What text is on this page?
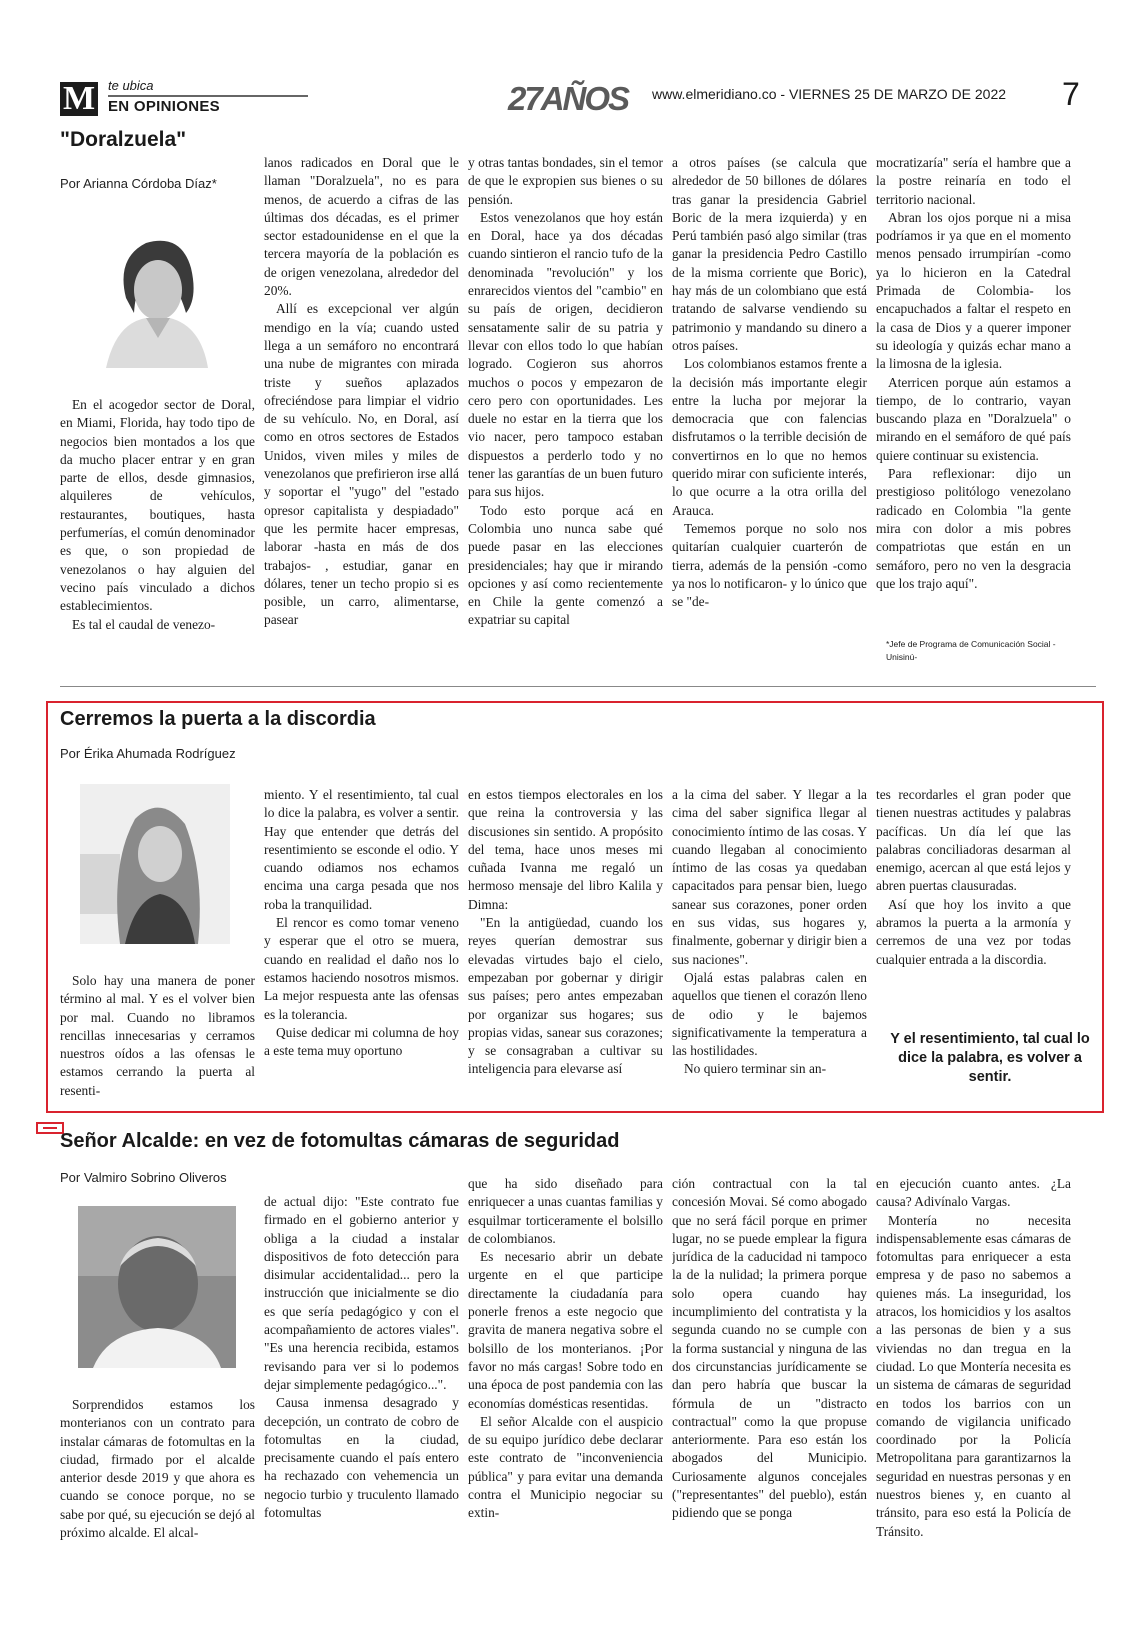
M te ubica
EN OPINIONES	27AÑOS www.elmeridiano.co - VIERNES 25 DE MARZO DE 2022 7
"Doralzuela"
Por Arianna Córdoba Díaz*

En el acogedor sector de Doral, en Miami, Florida, hay todo tipo de negocios bien montados a los que da mucho placer entrar y en gran parte de ellos, desde gimnasios, alquileres de vehículos, restaurantes, boutiques, hasta perfumerías, el común denominador es que, o son propiedad de venezolanos o hay alguien del vecino país vinculado a dichos establecimientos.

Es tal el caudal de venezo-

lanos radicados en Doral que le llaman "Doralzuela", no es para menos, de acuerdo a cifras de las últimas dos décadas, es el primer sector estadounidense en el que la tercera mayoría de la población es de origen venezolana, alrededor del 20%.

Allí es excepcional ver algún mendigo en la vía; cuando usted llega a un semáforo no encontrará una nube de migrantes con mirada triste y sueños aplazados ofreciéndose para limpiar el vidrio de su vehículo. No, en Doral, así como en otros sectores de Estados Unidos, viven miles y miles de venezolanos que prefirieron irse allá y soportar el "yugo" del "estado opresor capitalista y despiadado" que les permite hacer empresas, laborar -hasta en más de dos trabajos- , estudiar, ganar en dólares, tener un techo propio si es posible, un carro, alimentarse, pasear

y otras tantas bondades, sin el temor de que le expropien sus bienes o su pensión.

Estos venezolanos que hoy están en Doral, hace ya dos décadas cuando sintieron el rancio tufo de la denominada "revolución" y los enrarecidos vientos del "cambio" en su país de origen, decidieron sensatamente salir de su patria y llevar con ellos todo lo que habían logrado. Cogieron sus ahorros muchos o pocos y empezaron de cero pero con oportunidades. Les duele no estar en la tierra que los vio nacer, pero tampoco estaban dispuestos a perderlo todo y no tener las garantías de un buen futuro para sus hijos.

Todo esto porque acá en Colombia uno nunca sabe qué puede pasar en las elecciones presidenciales; hay que ir mirando opciones y así como recientemente en Chile la gente comenzó a expatriar su capital

a otros países (se calcula que alrededor de 50 billones de dólares tras ganar la presidencia Gabriel Boric de la mera izquierda) y en Perú también pasó algo similar (tras ganar la presidencia Pedro Castillo de la misma corriente que Boric), hay más de un colombiano que está tratando de salvarse vendiendo su patrimonio y mandando su dinero a otros países.

Los colombianos estamos frente a la decisión más importante elegir entre la lucha por mejorar la democracia que con falencias disfrutamos o la terrible decisión de convertirnos en lo que no hemos querido mirar con suficiente interés, lo que ocurre a la otra orilla del Arauca.

Tememos porque no solo nos quitarían cualquier cuarterón de tierra, además de la pensión -como ya nos lo notificaron- y lo único que se "de-

mocratizaría" sería el hambre que a la postre reinaría en todo el territorio nacional.

Abran los ojos porque ni a misa podríamos ir ya que en el momento menos pensado irrumpirían -como ya lo hicieron en la Catedral Primada de Colombia- los encapuchados a faltar el respeto en la casa de Dios y a querer imponer su ideología y quizás echar mano a la limosna de la iglesia.

Aterricen porque aún estamos a tiempo, de lo contrario, vayan buscando plaza en "Doralzuela" o mirando en el semáforo de qué país quiere continuar su existencia.

Para reflexionar: dijo un prestigioso politólogo venezolano radicado en Colombia "la gente mira con dolor a mis pobres compatriotas que están en un semáforo, pero no ven la desgracia que los trajo aquí".

*Jefe de Programa de Comunicación Social -Unisinú-
Cerremos la puerta a la discordia
Por Érika Ahumada Rodríguez

Solo hay una manera de poner término al mal. Y es el volver bien por mal. Cuando no libramos rencillas innecesarias y cerramos nuestros oídos a las ofensas le estamos cerrando la puerta al resenti-

miento. Y el resentimiento, tal cual lo dice la palabra, es volver a sentir. Hay que entender que detrás del resentimiento se esconde el odio. Y cuando odiamos nos echamos encima una carga pesada que nos roba la tranquilidad.

El rencor es como tomar veneno y esperar que el otro se muera, cuando en realidad el daño nos lo estamos haciendo nosotros mismos. La mejor respuesta ante las ofensas es la tolerancia.

Quise dedicar mi columna de hoy a este tema muy oportuno

en estos tiempos electorales en los que reina la controversia y las discusiones sin sentido. A propósito del tema, hace unos meses mi cuñada Ivanna me regaló un hermoso mensaje del libro Kalila y Dimna:

"En la antigüedad, cuando los reyes querían demostrar sus elevadas virtudes bajo el cielo, empezaban por gobernar y dirigir sus países; pero antes empezaban por organizar sus hogares; sus propias vidas, sanear sus corazones; y se consagraban a cultivar su inteligencia para elevarse así

a la cima del saber. Y llegar a la cima del saber significa llegar al conocimiento íntimo de las cosas. Y cuando llegaban al conocimiento íntimo de las cosas ya quedaban capacitados para pensar bien, luego sanear sus corazones, poner orden en sus vidas, sus hogares y, finalmente, gobernar y dirigir bien a sus naciones".

Ojalá estas palabras calen en aquellos que tienen el corazón lleno de odio y le bajemos significativamente la temperatura a las hostilidades.

No quiero terminar sin an-

tes recordarles el gran poder que tienen nuestras actitudes y palabras pacíficas. Un día leí que las palabras conciliadoras desarman al enemigo, acercan al que está lejos y abren puertas clausuradas.

Así que hoy los invito a que abramos la puerta a la armonía y cerremos de una vez por todas cualquier entrada a la discordia.

Y el resentimiento, tal cual lo dice la palabra, es volver a sentir.
Señor Alcalde: en vez de fotomultas cámaras de seguridad
Por Valmiro Sobrino Oliveros

Sorprendidos estamos los monterianos con un contrato para instalar cámaras de fotomultas en la ciudad, firmado por el alcalde anterior desde 2019 y que ahora es cuando se conoce porque, no se sabe por qué, su ejecución se dejó al próximo alcalde. El alcal-

de actual dijo: "Este contrato fue firmado en el gobierno anterior y obliga a la ciudad a instalar dispositivos de foto detección para disimular accidentalidad... pero la instrucción que inicialmente se dio es que sería pedagógico y con el acompañamiento de actores viales". "Es una herencia recibida, estamos revisando para ver si lo podemos dejar simplemente pedagógico...".

Causa inmensa desagrado y decepción, un contrato de cobro de fotomultas en la ciudad, precisamente cuando el país entero ha rechazado con vehemencia un negocio turbio y truculento llamado fotomultas

que ha sido diseñado para enriquecer a unas cuantas familias y esquilmar torticeramente el bolsillo de colombianos.

Es necesario abrir un debate urgente en el que participe directamente la ciudadanía para ponerle frenos a este negocio que gravita de manera negativa sobre el bolsillo de los monterianos. ¡Por favor no más cargas! Sobre todo en una época de post pandemia con las economías domésticas resentidas.

El señor Alcalde con el auspicio de su equipo jurídico debe declarar este contrato de "inconveniencia pública" y para evitar una demanda contra el Municipio negociar su extin-

ción contractual con la tal concesión Movai. Sé como abogado que no será fácil porque en primer lugar, no se puede emplear la figura jurídica de la caducidad ni tampoco la de la nulidad; la primera porque solo opera cuando hay incumplimiento del contratista y la segunda cuando no se cumple con la forma sustancial y ninguna de las dos circunstancias jurídicamente se dan pero habría que buscar la fórmula de un "distracto contractual" como la que propuse anteriormente. Para eso están los abogados del Municipio. Curiosamente algunos concejales ("representantes" del pueblo), están pidiendo que se ponga

en ejecución cuanto antes. ¿La causa? Adivínalo Vargas.

Montería no necesita indispensablemente esas cámaras de fotomultas para enriquecer a esta empresa y de paso no sabemos a quienes más. La inseguridad, los atracos, los homicidios y los asaltos a las personas de bien y a sus viviendas no dan tregua en la ciudad. Lo que Montería necesita es un sistema de cámaras de seguridad en todos los barrios con un comando de vigilancia unificado coordinado por la Policía Metropolitana para garantizarnos la seguridad en nuestras personas y en nuestros bienes y, en cuanto al tránsito, para eso está la Policía de Tránsito.
